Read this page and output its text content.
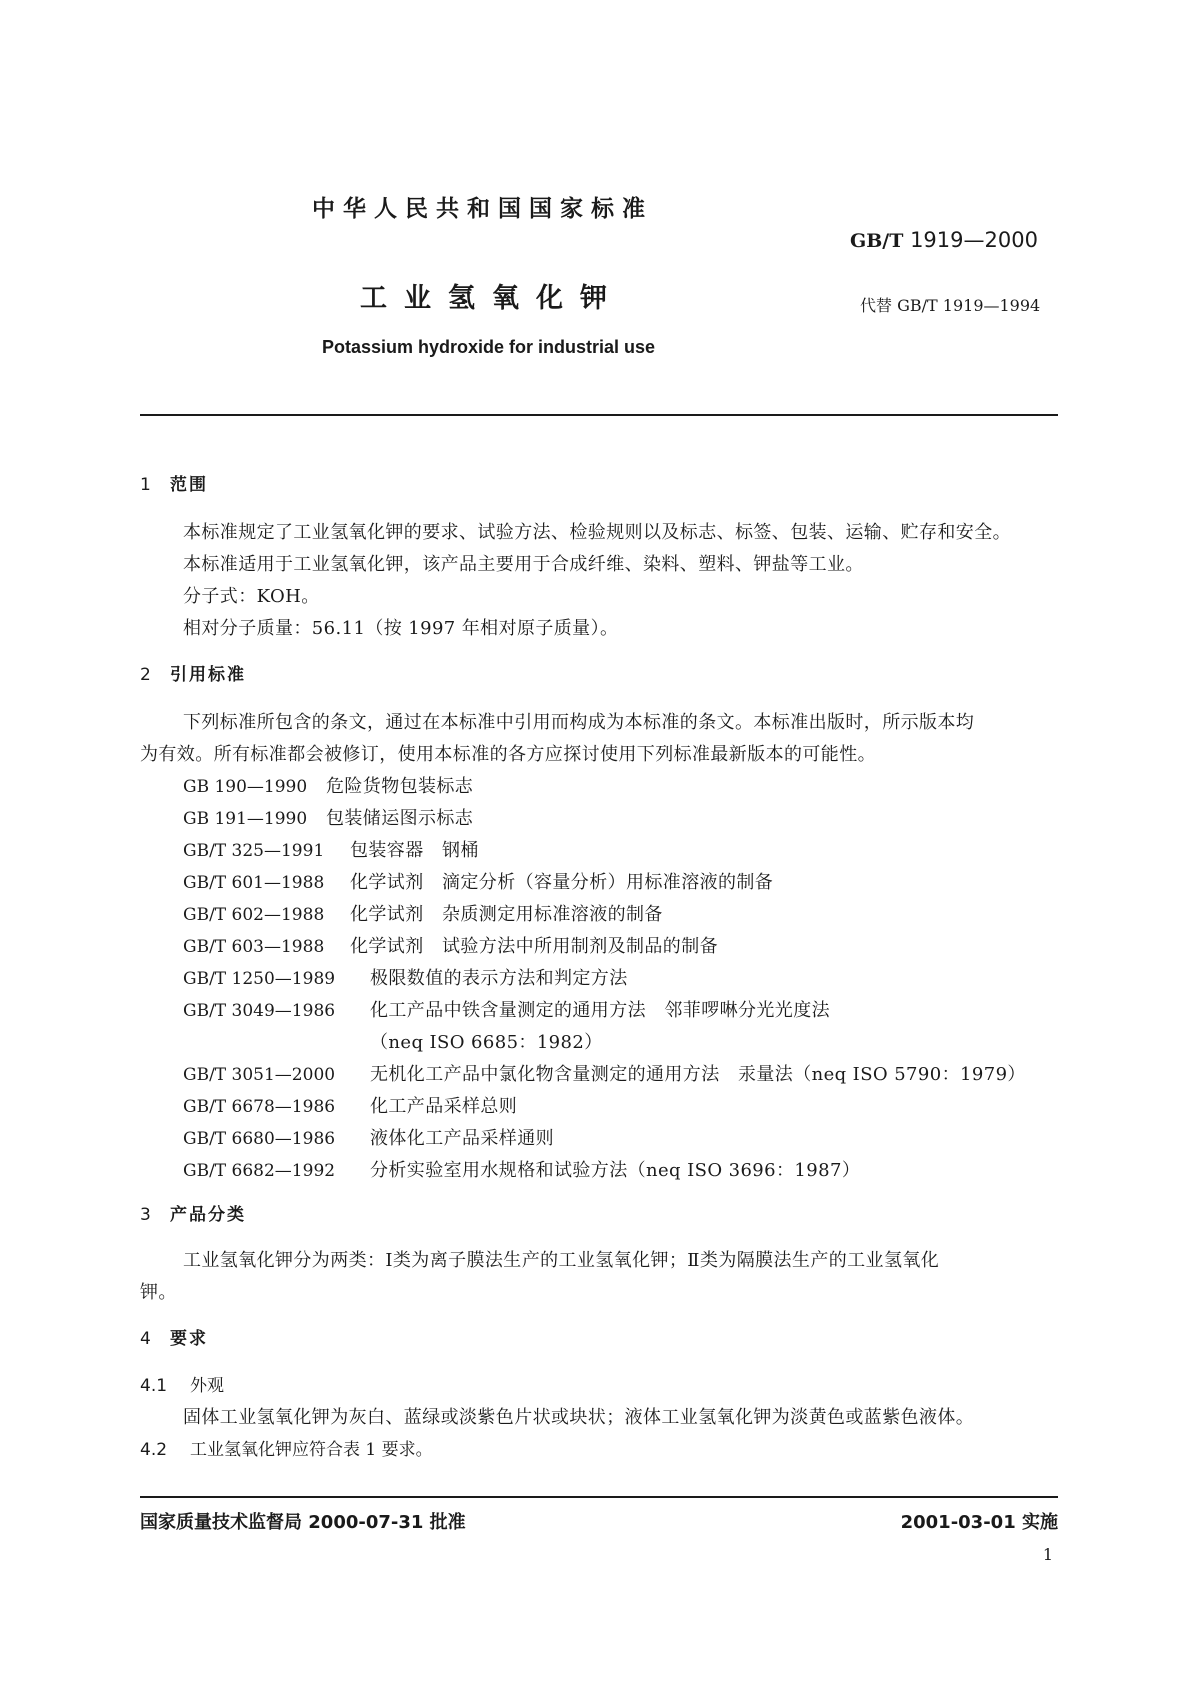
中华人民共和国国家标准
GB/T 1919—2000
工业氢氧化钾	代替 GB/T 1919—1994
Potassium hydroxide for industrial use
1 范围
本标准规定了工业氢氧化钾的要求、试验方法、检验规则以及标志、标签、包装、运输、贮存和安全。
本标准适用于工业氢氧化钾，该产品主要用于合成纤维、染料、塑料、钾盐等工业。
分子式：KOH。
相对分子质量：56.11（按 1997 年相对原子质量）。
2 引用标准
下列标准所包含的条文，通过在本标准中引用而构成为本标准的条文。本标准出版时，所示版本均
为有效。所有标准都会被修订，使用本标准的各方应探讨使用下列标准最新版本的可能性。
GB 190—1990　 危险货物包装标志
GB 191—1990　 包装储运图示标志
GB/T 325—1991　 包装容器　钢桶
GB/T 601—1988　 化学试剂　滴定分析（容量分析）用标准溶液的制备
GB/T 602—1988　 化学试剂　杂质测定用标准溶液的制备
GB/T 603—1988　 化学试剂　试验方法中所用制剂及制品的制备
GB/T 1250—1989　 极限数值的表示方法和判定方法
GB/T 3049—1986　 化工产品中铁含量测定的通用方法　邻菲啰啉分光光度法
（neq ISO 6685：1982）
GB/T 3051—2000　 无机化工产品中氯化物含量测定的通用方法　汞量法（neq ISO 5790：1979）
GB/T 6678—1986　 化工产品采样总则
GB/T 6680—1986　 液体化工产品采样通则
GB/T 6682—1992　 分析实验室用水规格和试验方法（neq ISO 3696：1987）
3 产品分类
工业氢氧化钾分为两类：Ⅰ类为离子膜法生产的工业氢氧化钾；Ⅱ类为隔膜法生产的工业氢氧化
钾。
4 要求
4.1 外观
固体工业氢氧化钾为灰白、蓝绿或淡紫色片状或块状；液体工业氢氧化钾为淡黄色或蓝紫色液体。
4.2 工业氢氧化钾应符合表 1 要求。
国家质量技术监督局 2000-07-31 批准	2001-03-01 实施
1
